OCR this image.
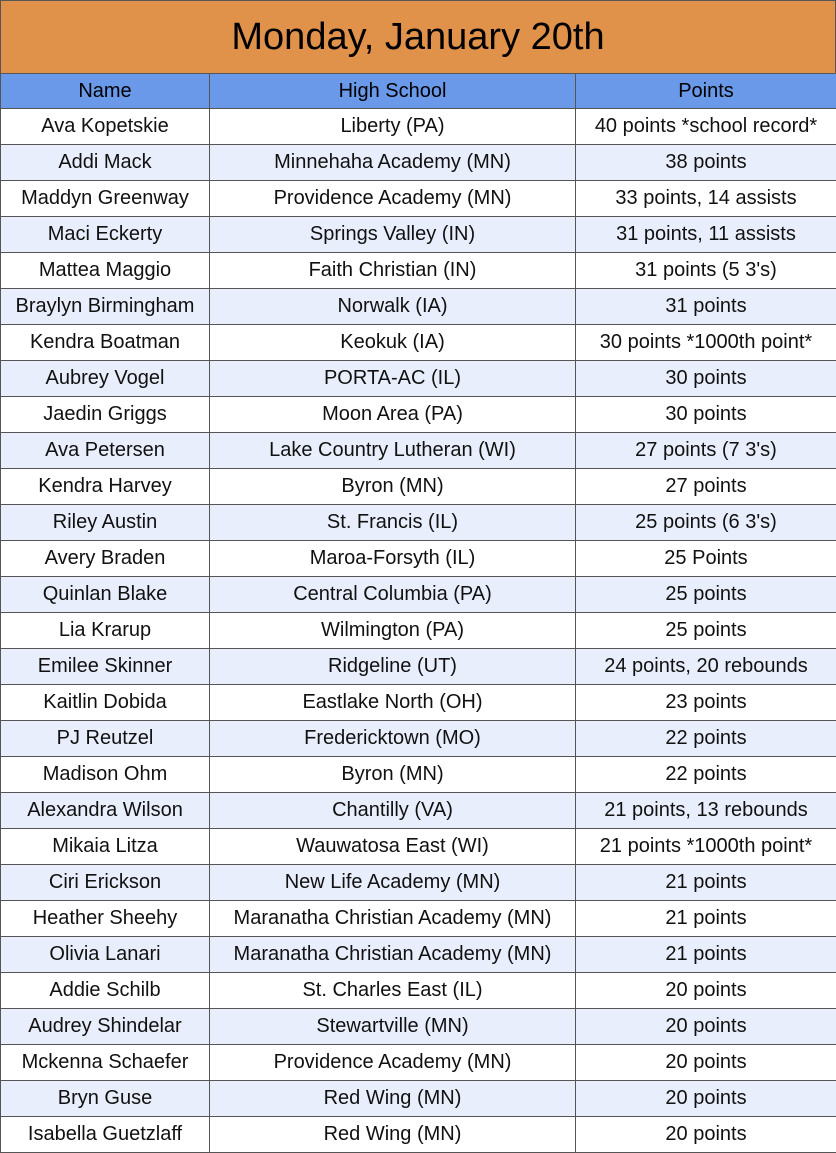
Monday, January 20th
Name	High School	Points
Ava Kopetskie	Liberty (PA)	40 points *school record*
Addi Mack	Minnehaha Academy (MN)	38 points
Maddyn Greenway	Providence Academy (MN)	33 points, 14 assists
Maci Eckerty	Springs Valley (IN)	31 points, 11 assists
Mattea Maggio	Faith Christian (IN)	31 points (5 3's)
Braylyn Birmingham	Norwalk (IA)	31 points
Kendra Boatman	Keokuk (IA)	30 points *1000th point*
Aubrey Vogel	PORTA-AC (IL)	30 points
Jaedin Griggs	Moon Area (PA)	30 points
Ava Petersen	Lake Country Lutheran (WI)	27 points (7 3's)
Kendra Harvey	Byron (MN)	27 points
Riley Austin	St. Francis (IL)	25 points (6 3's)
Avery Braden	Maroa-Forsyth (IL)	25 Points
Quinlan Blake	Central Columbia (PA)	25 points
Lia Krarup	Wilmington (PA)	25 points
Emilee Skinner	Ridgeline (UT)	24 points, 20 rebounds
Kaitlin Dobida	Eastlake North (OH)	23 points
PJ Reutzel	Fredericktown (MO)	22 points
Madison Ohm	Byron (MN)	22 points
Alexandra Wilson	Chantilly (VA)	21 points, 13 rebounds
Mikaia Litza	Wauwatosa East (WI)	21 points *1000th point*
Ciri Erickson	New Life Academy (MN)	21 points
Heather Sheehy	Maranatha Christian Academy (MN)	21 points
Olivia Lanari	Maranatha Christian Academy (MN)	21 points
Addie Schilb	St. Charles East (IL)	20 points
Audrey Shindelar	Stewartville (MN)	20 points
Mckenna Schaefer	Providence Academy (MN)	20 points
Bryn Guse	Red Wing (MN)	20 points
Isabella Guetzlaff	Red Wing (MN)	20 points
